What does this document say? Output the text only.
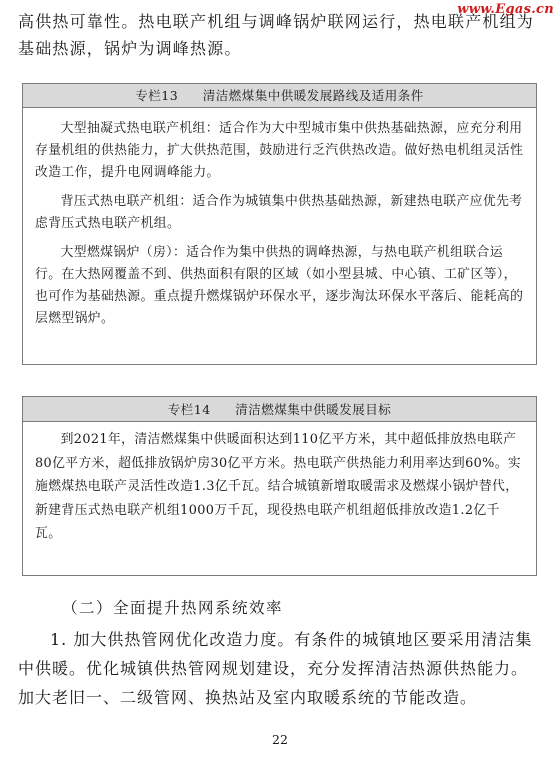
www.Egas.cn
高供热可靠性。热电联产机组与调峰锅炉联网运行，热电联产机组为基础热源，锅炉为调峰热源。
专栏13 清洁燃煤集中供暖发展路线及适用条件

大型抽凝式热电联产机组：适合作为大中型城市集中供热基础热源，应充分利用存量机组的供热能力，扩大供热范围，鼓励进行乏汽供热改造。做好热电机组灵活性改造工作，提升电网调峰能力。

背压式热电联产机组：适合作为城镇集中供热基础热源，新建热电联产应优先考虑背压式热电联产机组。

大型燃煤锅炉（房）：适合作为集中供热的调峰热源，与热电联产机组联合运行。在大热网覆盖不到、供热面积有限的区域（如小型县城、中心镇、工矿区等），也可作为基础热源。重点提升燃煤锅炉环保水平，逐步淘汰环保水平落后、能耗高的层燃型锅炉。

专栏14 清洁燃煤集中供暖发展目标

到2021年，清洁燃煤集中供暖面积达到110亿平方米，其中超低排放热电联产80亿平方米，超低排放锅炉房30亿平方米。热电联产供热能力利用率达到60%。实施燃煤热电联产灵活性改造1.3亿千瓦。结合城镇新增取暖需求及燃煤小锅炉替代，新建背压式热电联产机组1000万千瓦，现役热电联产机组超低排放改造1.2亿千瓦。

（二）全面提升热网系统效率

1. 加大供热管网优化改造力度。有条件的城镇地区要采用清洁集中供暖。优化城镇供热管网规划建设，充分发挥清洁热源供热能力。加大老旧一、二级管网、换热站及室内取暖系统的节能改造。

22
